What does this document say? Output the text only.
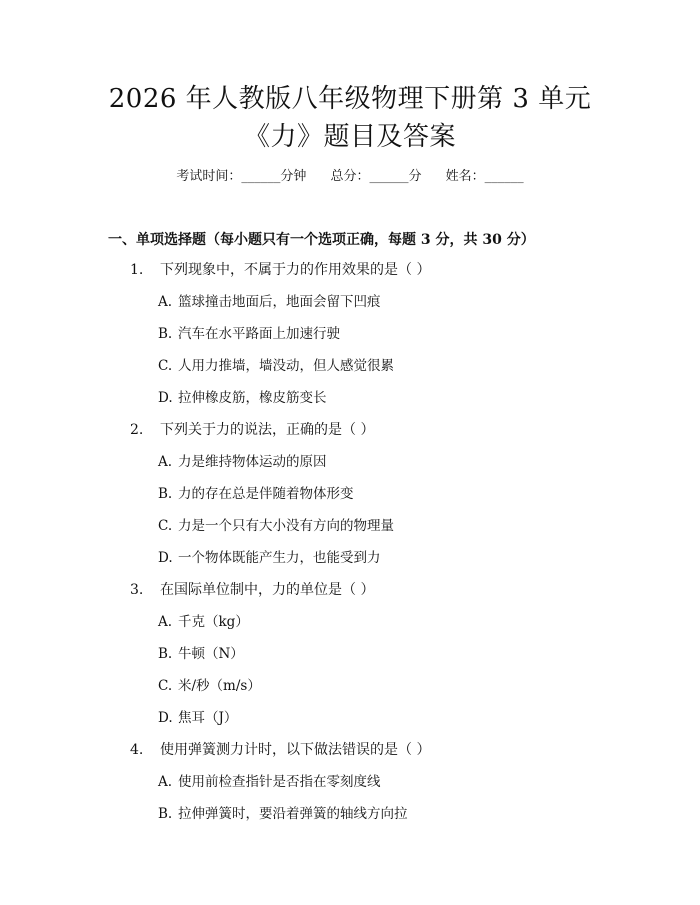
2026 年人教版八年级物理下册第 3 单元
《力》题目及答案
考试时间：______分钟 总分：______分 姓名：______
一、单项选择题（每小题只有一个选项正确，每题 3 分，共 30 分）
1. 下列现象中，不属于力的作用效果的是（ ）
A. 篮球撞击地面后，地面会留下凹痕
B. 汽车在水平路面上加速行驶
C. 人用力推墙，墙没动，但人感觉很累
D. 拉伸橡皮筋，橡皮筋变长
2. 下列关于力的说法，正确的是（ ）
A. 力是维持物体运动的原因
B. 力的存在总是伴随着物体形变
C. 力是一个只有大小没有方向的物理量
D. 一个物体既能产生力，也能受到力
3. 在国际单位制中，力的单位是（ ）
A. 千克（kg）
B. 牛顿（N）
C. 米/秒（m/s）
D. 焦耳（J）
4. 使用弹簧测力计时，以下做法错误的是（ ）
A. 使用前检查指针是否指在零刻度线
B. 拉伸弹簧时，要沿着弹簧的轴线方向拉
